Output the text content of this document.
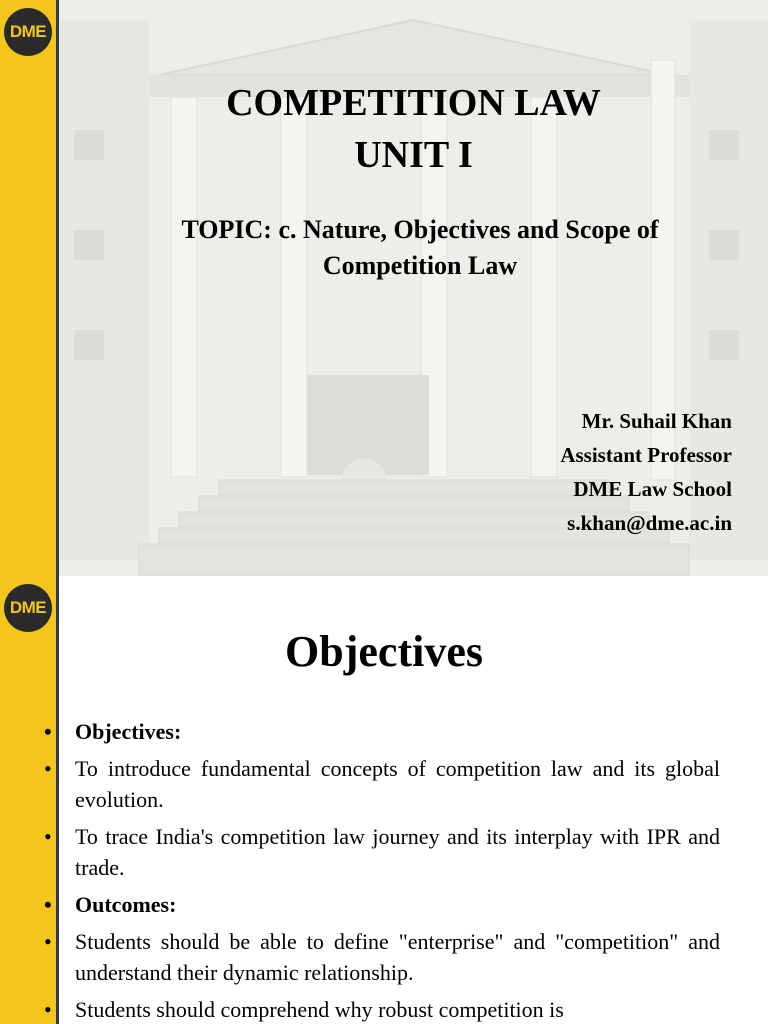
DME
COMPETITION LAW
UNIT I
TOPIC: c. Nature, Objectives and Scope of Competition Law
Mr. Suhail Khan
Assistant Professor
DME Law School
s.khan@dme.ac.in
DME
Objectives
• Objectives:
• To introduce fundamental concepts of competition law and its global evolution.
• To trace India's competition law journey and its interplay with IPR and trade.
• Outcomes:
• Students should be able to define "enterprise" and "competition" and understand their dynamic relationship.
• Students should comprehend why robust competition is
